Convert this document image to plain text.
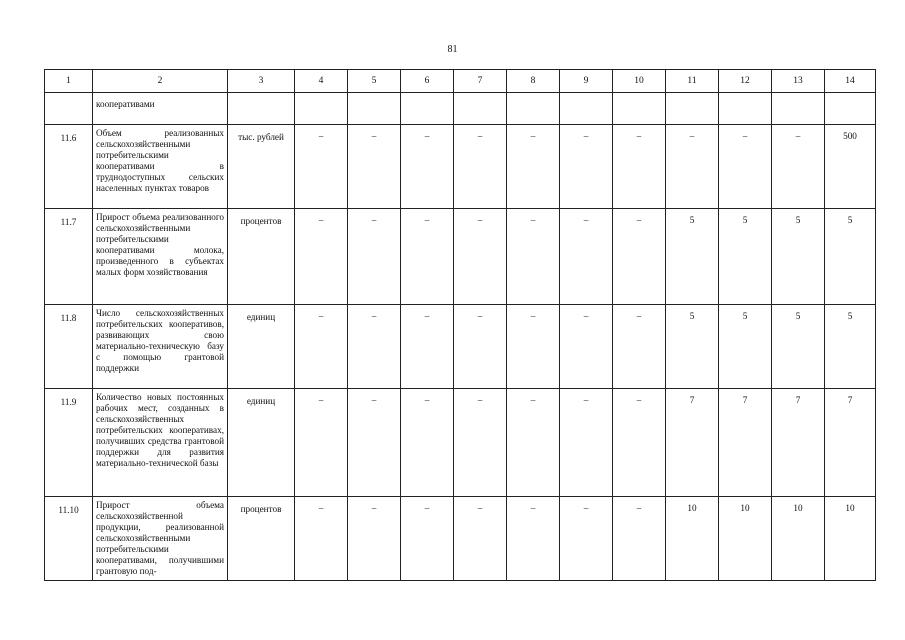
81
1	2	3	4	5	6	7	8	9	10	11	12	13	14
	кооперативами												
11.6	Объем реализованных сельскохозяйственными потребительскими кооперативами в труднодоступных сельских населенных пунктах товаров	тыс. рублей	–	–	–	–	–	–	–	–	–	–	500
11.7	Прирост объема реализованного сельскохозяйственными потребительскими кооперативами молока, произведенного в субъектах малых форм хозяйствования	процентов	–	–	–	–	–	–	–	5	5	5	5
11.8	Число сельскохозяйственных потребительских кооперативов, развивающих свою материально-техническую базу с помощью грантовой поддержки	единиц	–	–	–	–	–	–	–	5	5	5	5
11.9	Количество новых постоянных рабочих мест, созданных в сельскохозяйственных потребительских кооперативах, получивших средства грантовой поддержки для развития материально-технической базы	единиц	–	–	–	–	–	–	–	7	7	7	7
11.10	Прирост объема сельскохозяйственной продукции, реализованной сельскохозяйственными потребительскими кооперативами, получившими грантовую под-	процентов	–	–	–	–	–	–	–	10	10	10	10
